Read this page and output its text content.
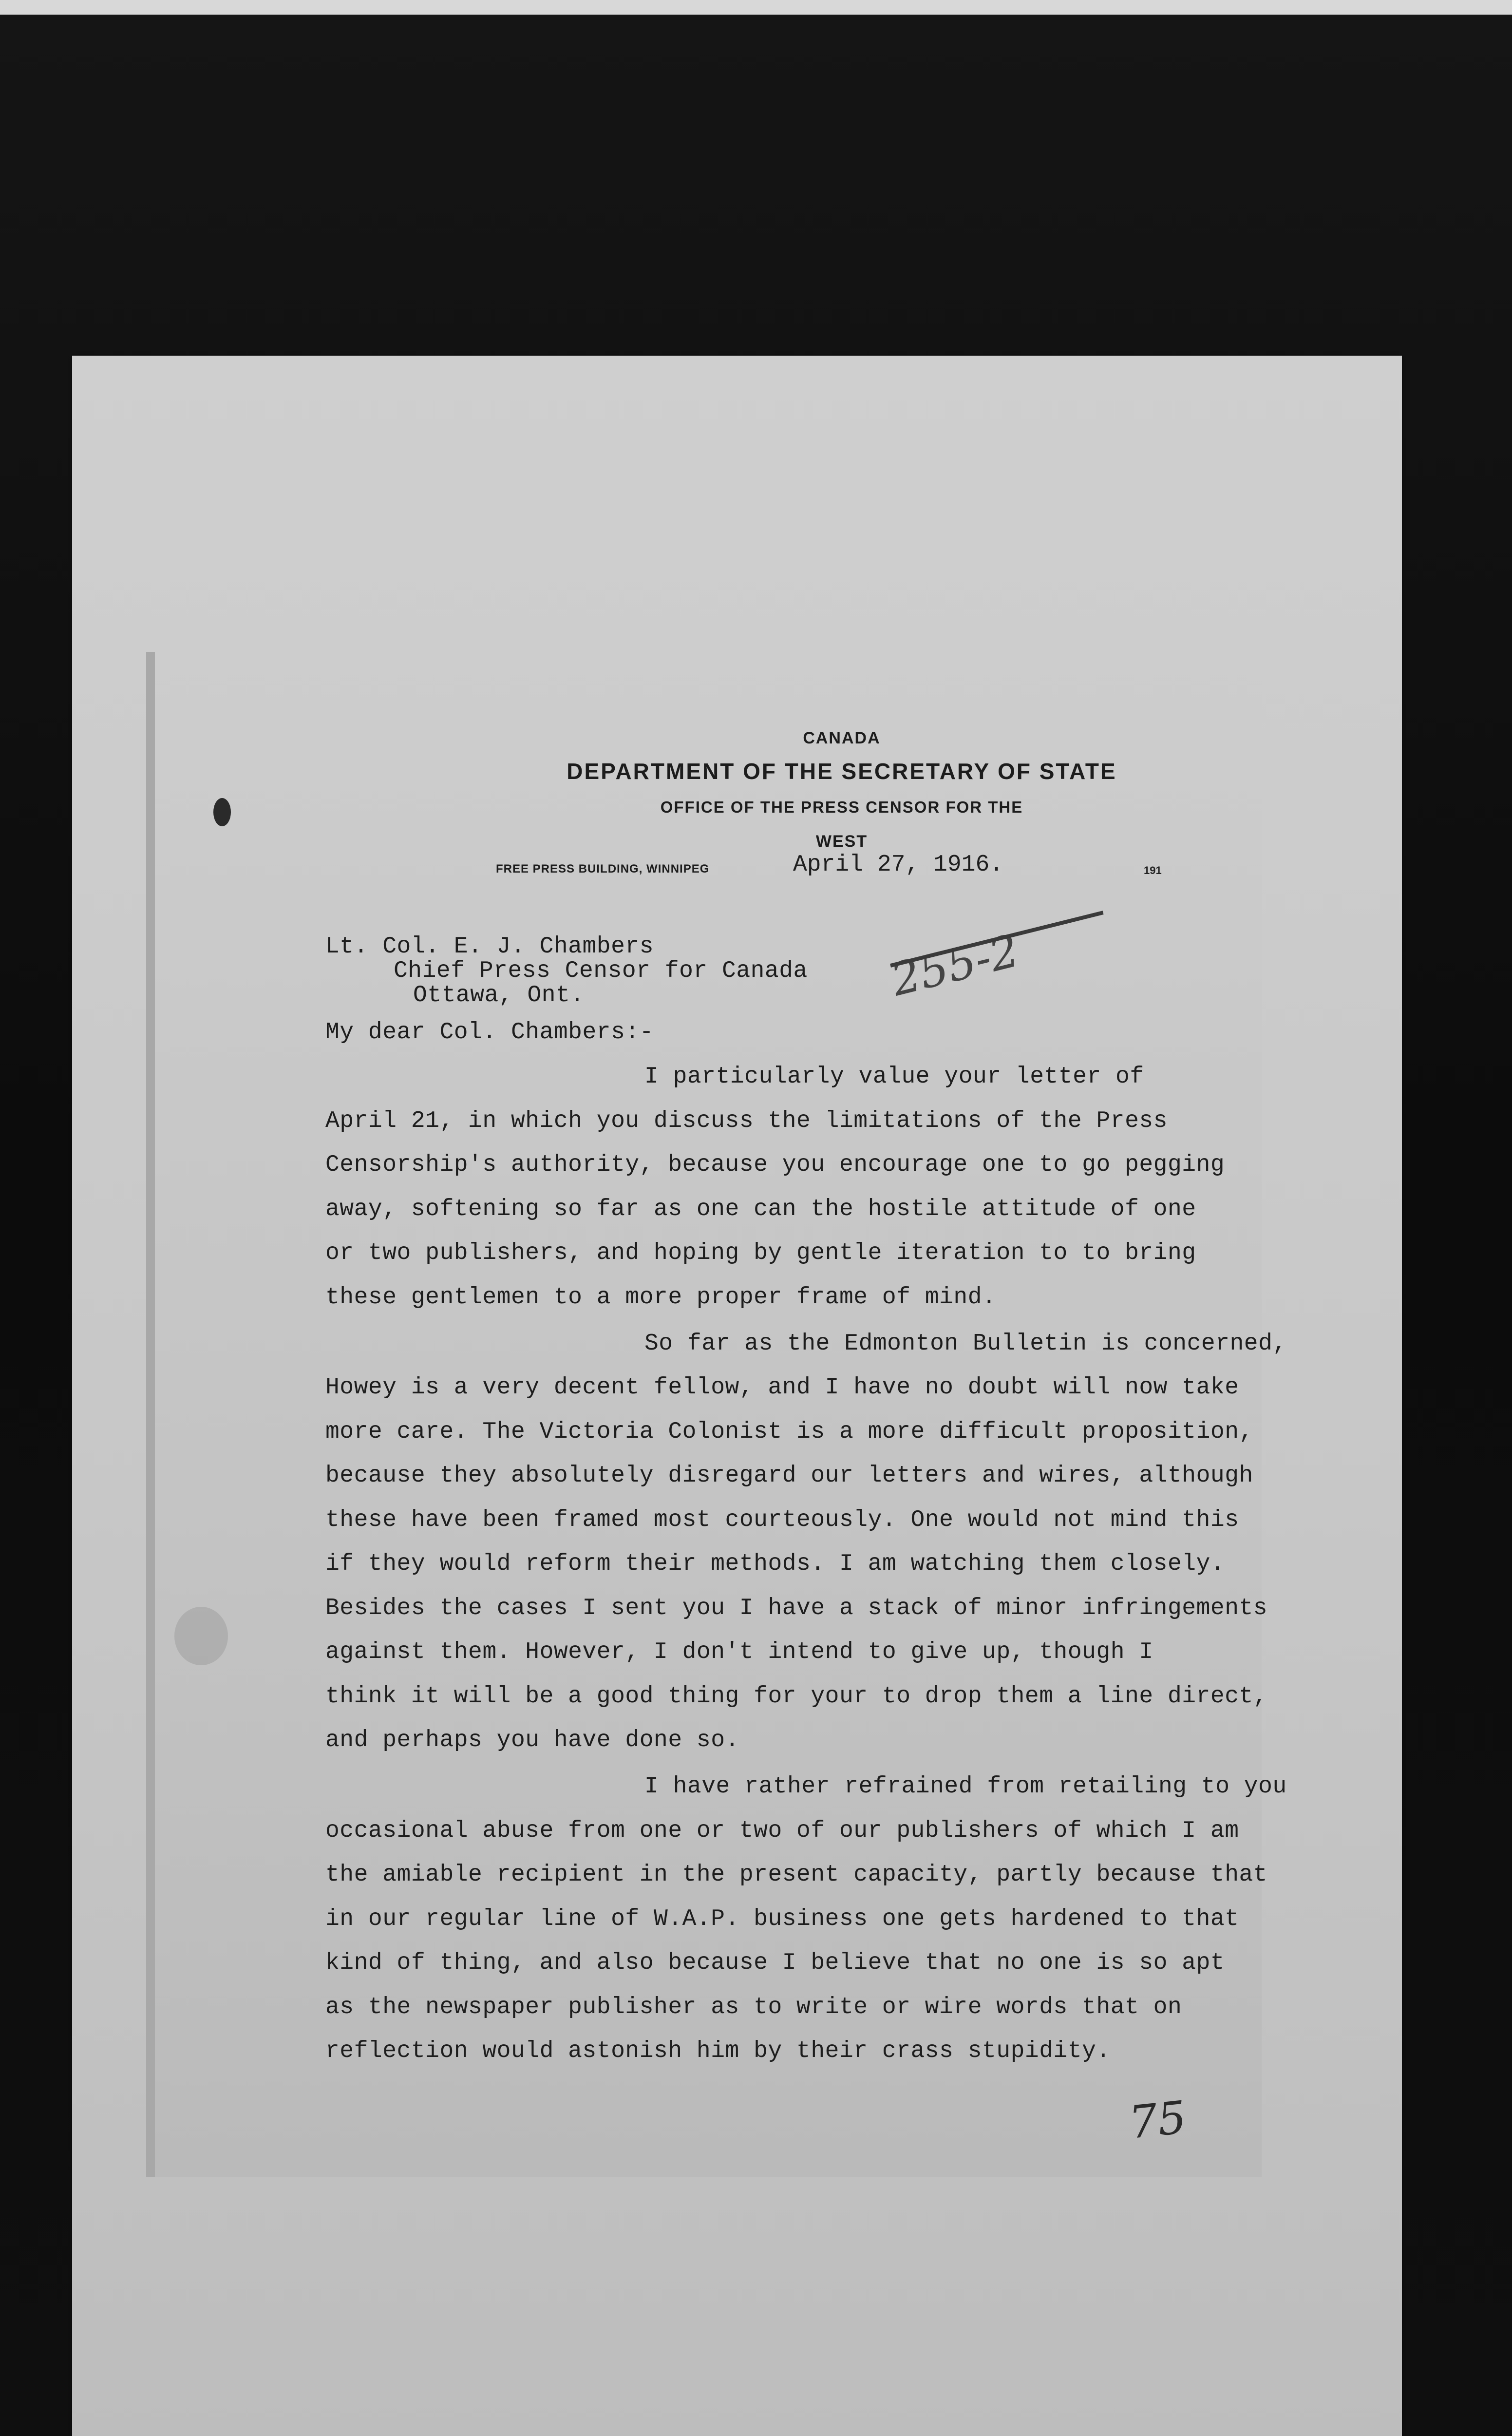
CANADA
DEPARTMENT OF THE SECRETARY OF STATE
OFFICE OF THE PRESS CENSOR FOR THE
WEST
FREE PRESS BUILDING, WINNIPEG	April 27, 1916.	191
Lt. Col. E. J. Chambers
Chief Press Censor for Canada
Ottawa, Ont.	255-2
My dear Col. Chambers:-
I particularly value your letter of
April 21, in which you discuss the limitations of the Press
Censorship's authority, because you encourage one to go pegging
away, softening so far as one can the hostile attitude of one
or two publishers, and hoping by gentle iteration to to bring
these gentlemen to a more proper frame of mind.
So far as the Edmonton Bulletin is concerned,
Howey is a very decent fellow, and I have no doubt will now take
more care. The Victoria Colonist is a more difficult proposition,
because they absolutely disregard our letters and wires, although
these have been framed most courteously. One would not mind this
if they would reform their methods. I am watching them closely.
Besides the cases I sent you I have a stack of minor infringements
against them. However, I don't intend to give up, though I
think it will be a good thing for your to drop them a line direct,
and perhaps you have done so.
I have rather refrained from retailing to you
occasional abuse from one or two of our publishers of which I am
the amiable recipient in the present capacity, partly because that
in our regular line of W.A.P. business one gets hardened to that
kind of thing, and also because I believe that no one is so apt
as the newspaper publisher as to write or wire words that on
reflection would astonish him by their crass stupidity.
75
